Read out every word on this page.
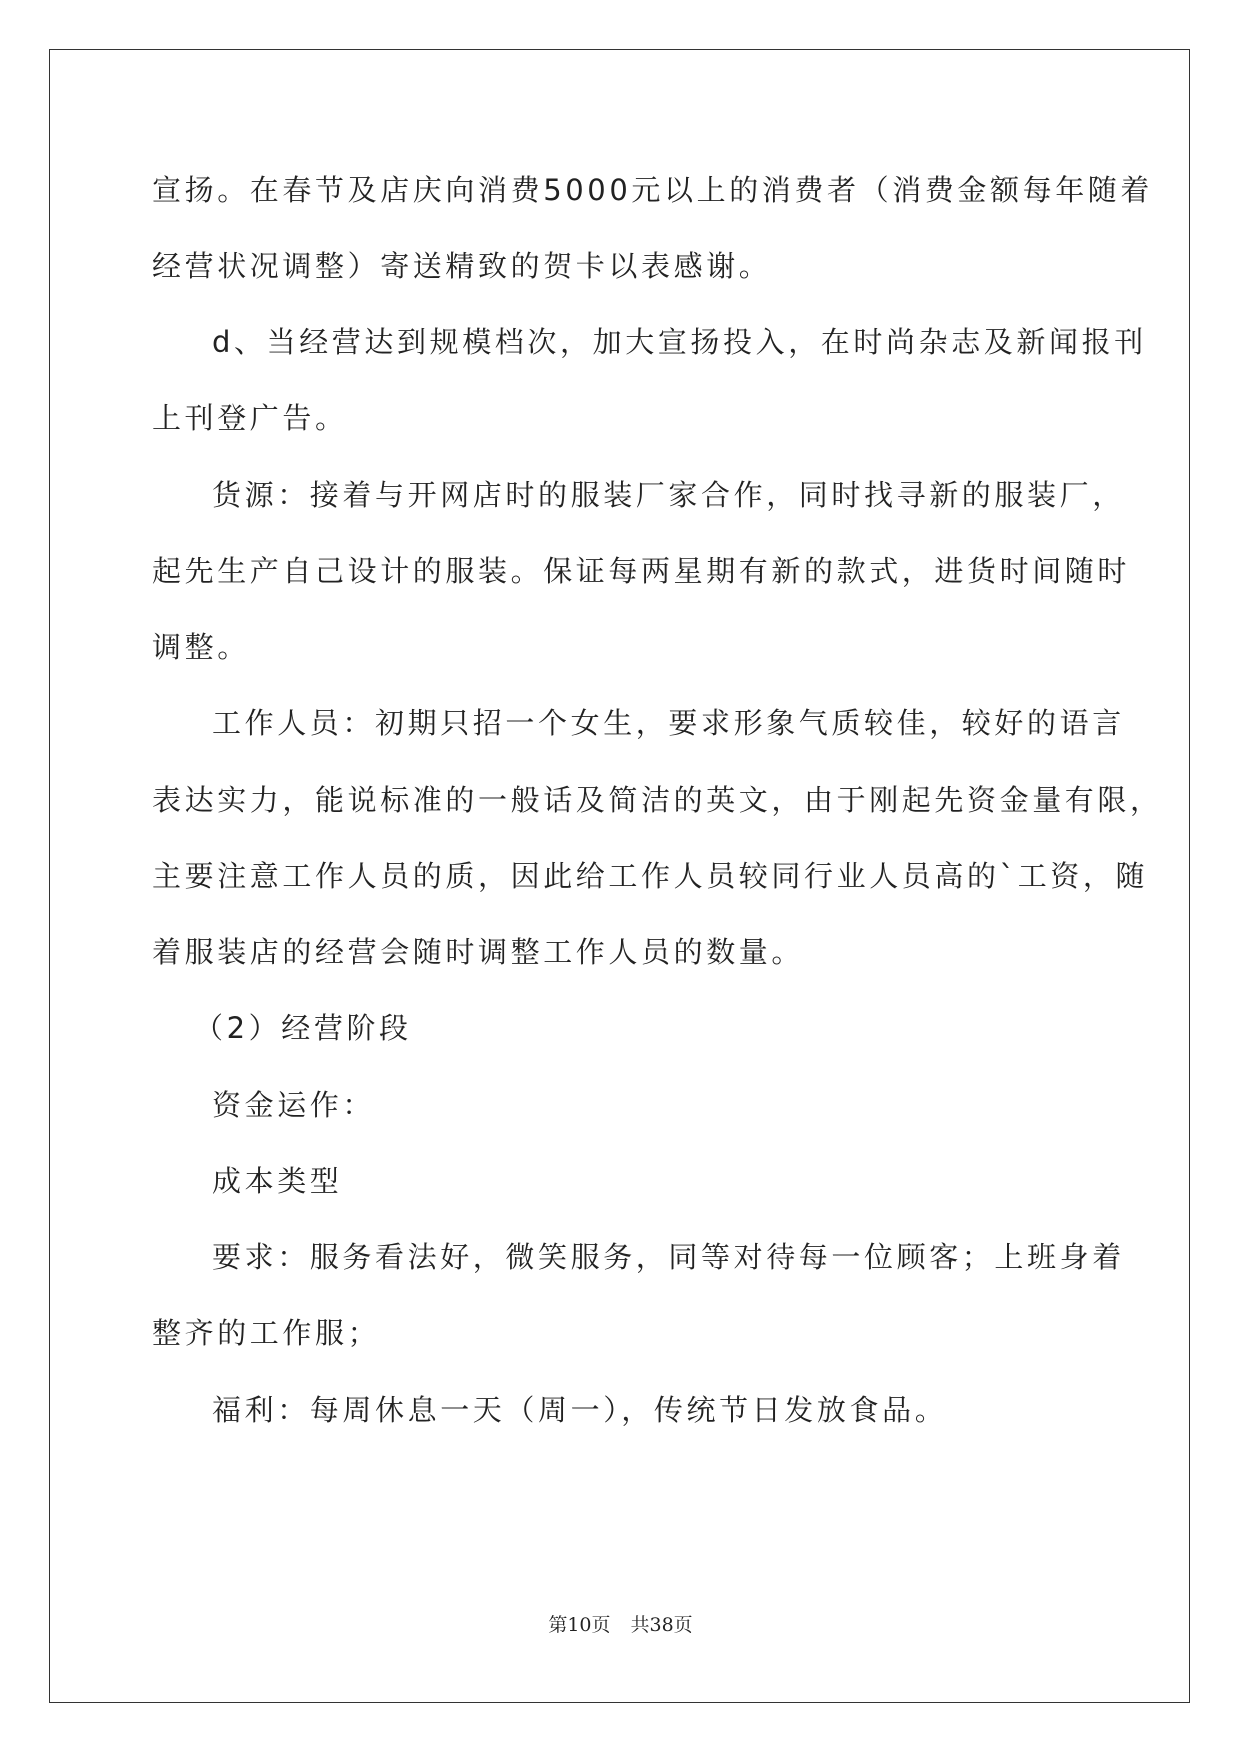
宣扬。在春节及店庆向消费5000元以上的消费者（消费金额每年随着
经营状况调整）寄送精致的贺卡以表感谢。
d、当经营达到规模档次，加大宣扬投入，在时尚杂志及新闻报刊
上刊登广告。
货源：接着与开网店时的服装厂家合作，同时找寻新的服装厂，
起先生产自己设计的服装。保证每两星期有新的款式，进货时间随时
调整。
工作人员：初期只招一个女生，要求形象气质较佳，较好的语言
表达实力，能说标准的一般话及简洁的英文，由于刚起先资金量有限，
主要注意工作人员的质，因此给工作人员较同行业人员高的`工资，随
着服装店的经营会随时调整工作人员的数量。
（2）经营阶段
资金运作：
成本类型
要求：服务看法好，微笑服务，同等对待每一位顾客；上班身着
整齐的工作服；
福利：每周休息一天（周一），传统节日发放食品。
第10页 共38页
